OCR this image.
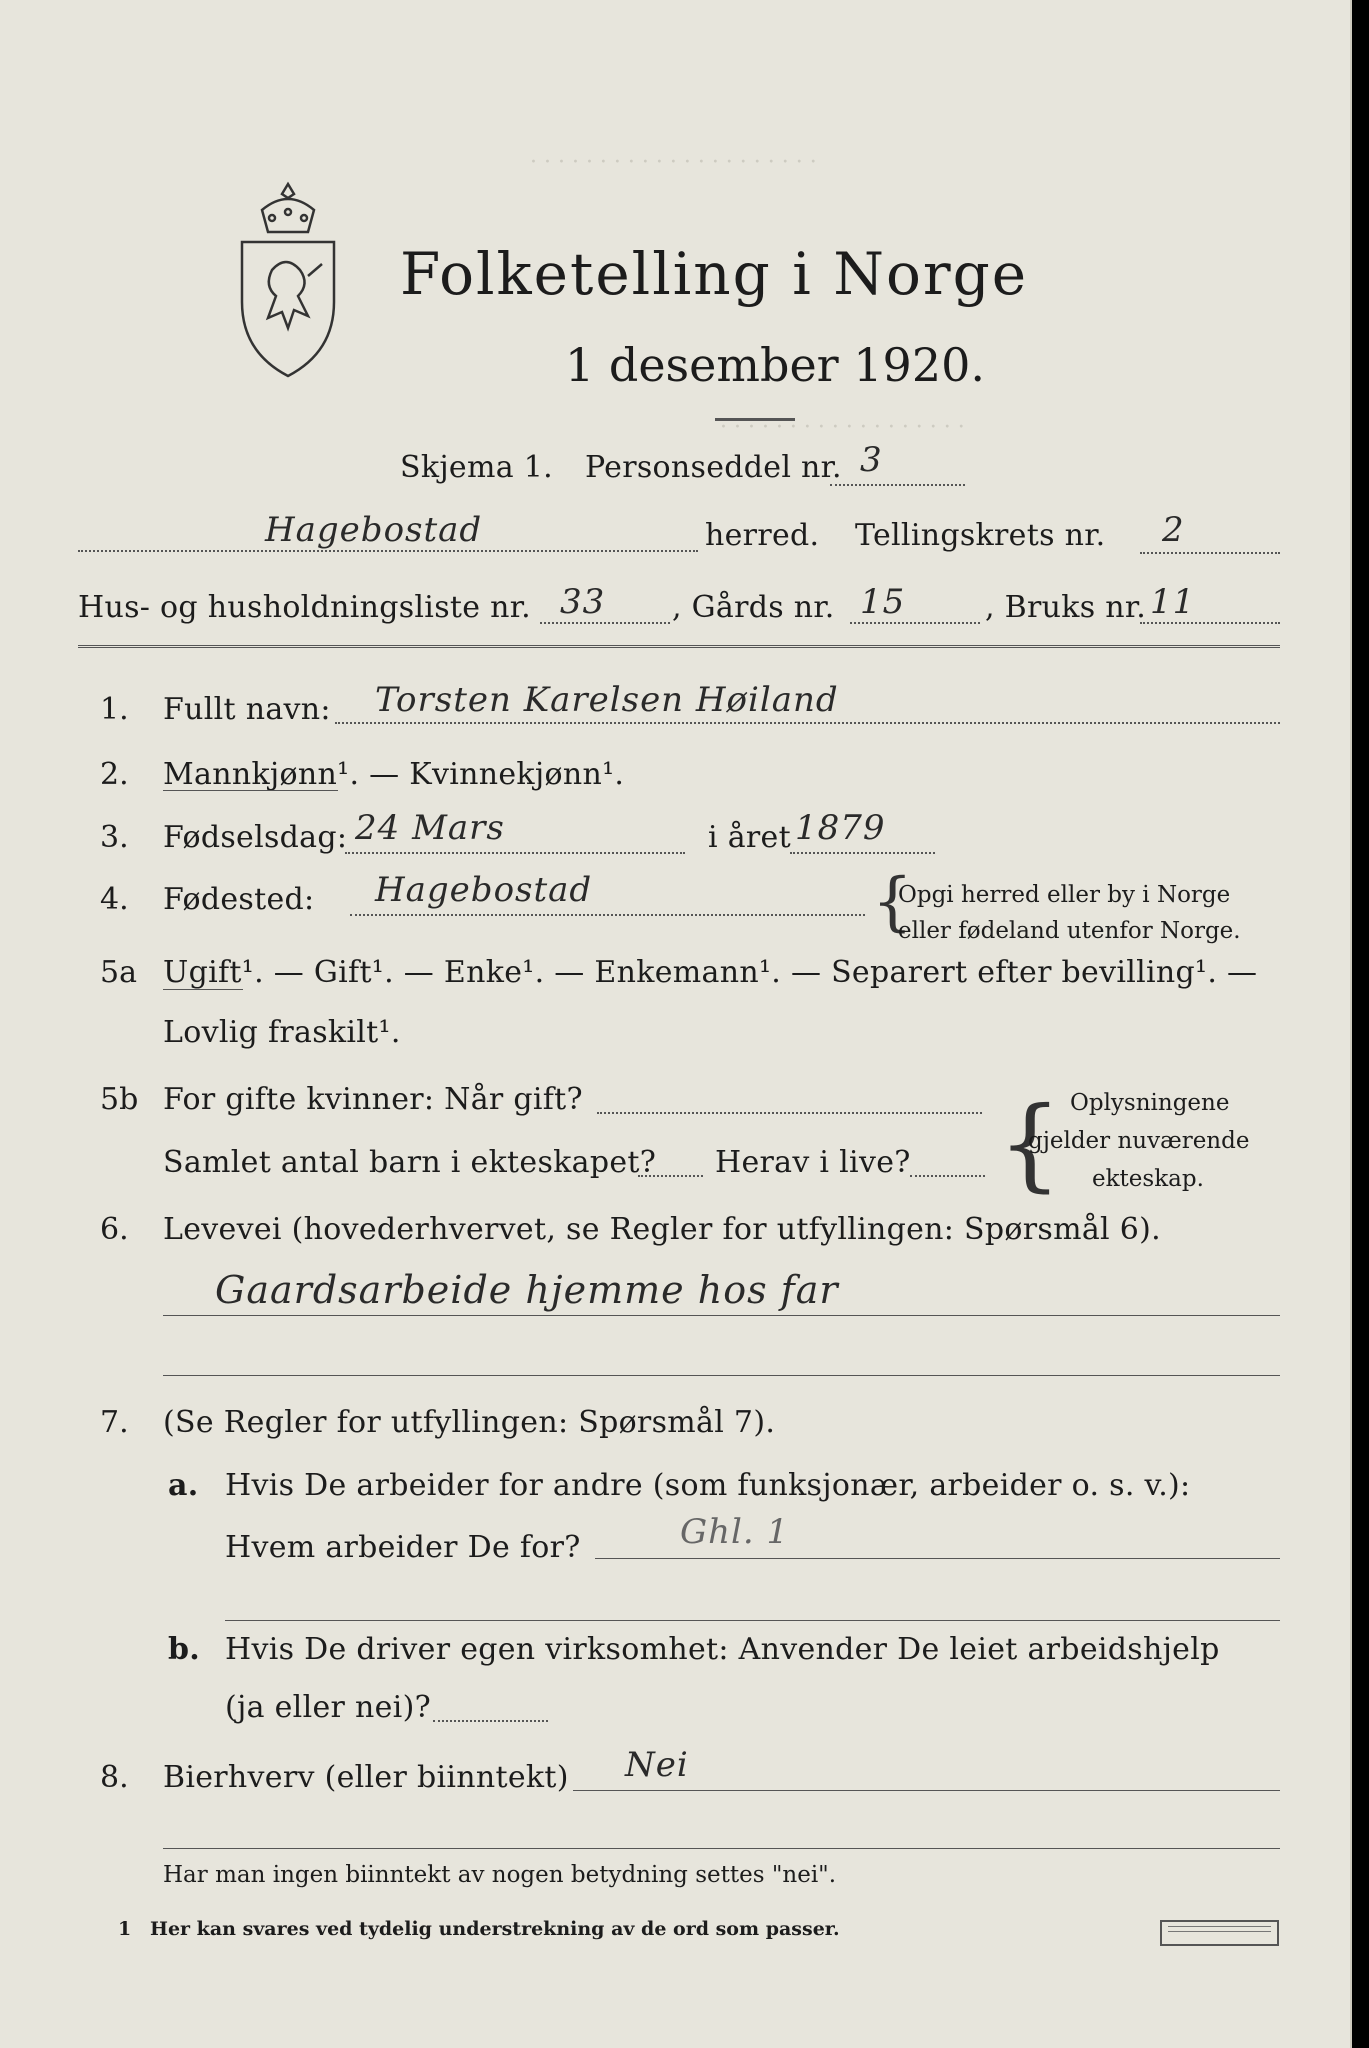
· · · · · · · · · · · · · · · · · · · · ·
· · · · · · · · · · · · · · · · · ·
Folketelling i Norge
1 desember 1920.
Skjema 1. Personseddel nr. 3
Hagebostad	herred. Tellingskrets nr. 2
Hus- og husholdningsliste nr. 33 , Gårds nr. 15	, Bruks nr. 11
1. Fullt navn: Torsten Karelsen Høiland
2. Mannkjønn¹. — Kvinnekjønn¹.
3. Fødselsdag: 24 Mars	i året 1879
4. Fødested: Hagebostad	{
Opgi herred eller by i Norge
eller fødeland utenfor Norge.
5a Ugift¹. — Gift¹. — Enke¹. — Enkemann¹. — Separert efter bevilling¹. —
Lovlig fraskilt¹.
5b For gifte kvinner: Når gift?
Samlet antal barn i ekteskapet? Herav i live? { Oplysningene
gjelder nuværende
ekteskap.
6. Levevei (hovederhvervet, se Regler for utfyllingen: Spørsmål 6).
Gaardsarbeide hjemme hos far
7. (Se Regler for utfyllingen: Spørsmål 7).
a. Hvis De arbeider for andre (som funksjonær, arbeider o. s. v.):
Hvem arbeider De for?	Ghl. 1
b. Hvis De driver egen virksomhet: Anvender De leiet arbeidshjelp
(ja eller nei)?
8. Bierhverv (eller biinntekt) Nei
Har man ingen biinntekt av nogen betydning settes "nei".
1 Her kan svares ved tydelig understrekning av de ord som passer.
